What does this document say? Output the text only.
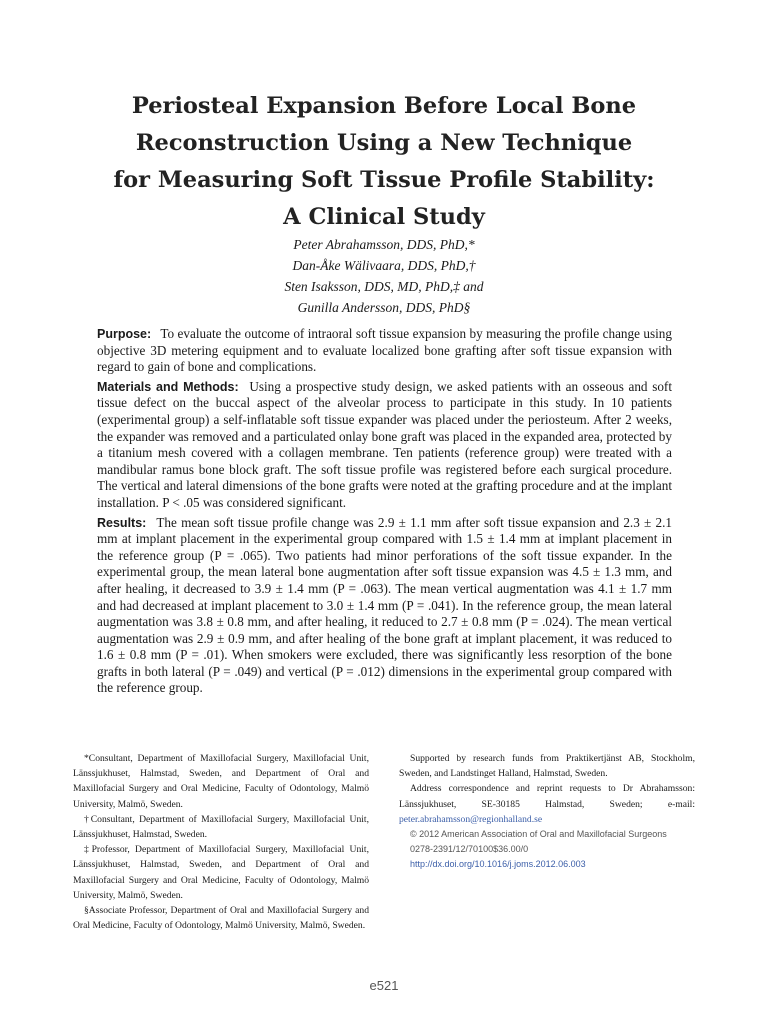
Periosteal Expansion Before Local Bone
Reconstruction Using a New Technique
for Measuring Soft Tissue Profile Stability:
A Clinical Study
Peter Abrahamsson, DDS, PhD,*
Dan-Åke Wälivaara, DDS, PhD,†
Sten Isaksson, DDS, MD, PhD,‡ and
Gunilla Andersson, DDS, PhD§

Purpose: To evaluate the outcome of intraoral soft tissue expansion by measuring the profile change using objective 3D metering equipment and to evaluate localized bone grafting after soft tissue expansion with regard to gain of bone and complications.

Materials and Methods: Using a prospective study design, we asked patients with an osseous and soft tissue defect on the buccal aspect of the alveolar process to participate in this study. In 10 patients (experimental group) a self-inflatable soft tissue expander was placed under the periosteum. After 2 weeks, the expander was removed and a particulated onlay bone graft was placed in the expanded area, protected by a titanium mesh covered with a collagen membrane. Ten patients (reference group) were treated with a mandibular ramus bone block graft. The soft tissue profile was registered before each surgical procedure. The vertical and lateral dimensions of the bone grafts were noted at the grafting procedure and at the implant installation. P < .05 was considered significant.

Results: The mean soft tissue profile change was 2.9 ± 1.1 mm after soft tissue expansion and 2.3 ± 2.1 mm at implant placement in the experimental group compared with 1.5 ± 1.4 mm at implant placement in the reference group (P = .065). Two patients had minor perforations of the soft tissue expander. In the experimental group, the mean lateral bone augmentation after soft tissue expansion was 4.5 ± 1.3 mm, and after healing, it decreased to 3.9 ± 1.4 mm (P = .063). The mean vertical augmentation was 4.1 ± 1.7 mm and had decreased at implant placement to 3.0 ± 1.4 mm (P = .041). In the reference group, the mean lateral augmentation was 3.8 ± 0.8 mm, and after healing, it reduced to 2.7 ± 0.8 mm (P = .024). The mean vertical augmentation was 2.9 ± 0.9 mm, and after healing of the bone graft at implant placement, it was reduced to 1.6 ± 0.8 mm (P = .01). When smokers were excluded, there was significantly less resorption of the bone grafts in both lateral (P = .049) and vertical (P = .012) dimensions in the experimental group compared with the reference group.

*Consultant, Department of Maxillofacial Surgery, Maxillofacial Unit, Länssjukhuset, Halmstad, Sweden, and Department of Oral and Maxillofacial Surgery and Oral Medicine, Faculty of Odontology, Malmö University, Malmö, Sweden.

†Consultant, Department of Maxillofacial Surgery, Maxillofacial Unit, Länssjukhuset, Halmstad, Sweden.

‡Professor, Department of Maxillofacial Surgery, Maxillofacial Unit, Länssjukhuset, Halmstad, Sweden, and Department of Oral and Maxillofacial Surgery and Oral Medicine, Faculty of Odontology, Malmö University, Malmö, Sweden.

§Associate Professor, Department of Oral and Maxillofacial Surgery and Oral Medicine, Faculty of Odontology, Malmö University, Malmö, Sweden.

Supported by research funds from Praktikertjänst AB, Stockholm, Sweden, and Landstinget Halland, Halmstad, Sweden.

Address correspondence and reprint requests to Dr Abrahamsson: Länssjukhuset, SE-30185 Halmstad, Sweden; e-mail: peter.abrahamsson@regionhalland.se

© 2012 American Association of Oral and Maxillofacial Surgeons

0278-2391/12/70100$36.00/0

http://dx.doi.org/10.1016/j.joms.2012.06.003

e521
